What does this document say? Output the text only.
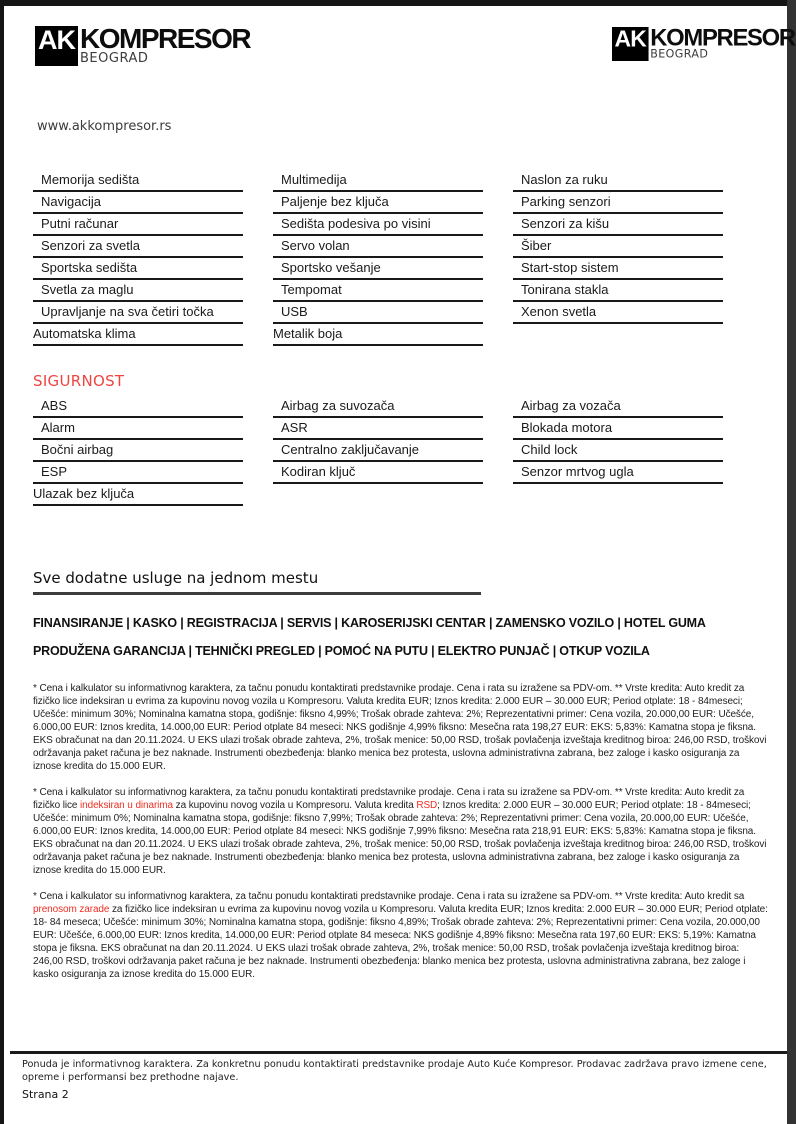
AK KOMPRESOR
BEOGRAD
AK KOMPRESOR
BEOGRAD
www.akkompresor.rs
Memorija sedišta
Navigacija
Putni računar
Senzori za svetla
Sportska sedišta
Svetla za maglu
Upravljanje na sva četiri točka
Automatska klima
Multimedija
Paljenje bez ključa
Sedišta podesiva po visini
Servo volan
Sportsko vešanje
Tempomat
USB
Metalik boja
Naslon za ruku
Parking senzori
Senzori za kišu
Šiber
Start-stop sistem
Tonirana stakla
Xenon svetla
SIGURNOST
ABS
Alarm
Bočni airbag
ESP
Ulazak bez ključa
Airbag za suvozača
ASR
Centralno zaključavanje
Kodiran ključ
Airbag za vozača
Blokada motora
Child lock
Senzor mrtvog ugla
Sve dodatne usluge na jednom mestu
FINANSIRANJE | KASKO | REGISTRACIJA | SERVIS | KAROSERIJSKI CENTAR | ZAMENSKO VOZILO | HOTEL GUMA
PRODUŽENA GARANCIJA | TEHNIČKI PREGLED | POMOĆ NA PUTU | ELEKTRO PUNJAČ | OTKUP VOZILA

* Cena i kalkulator su informativnog karaktera, za tačnu ponudu kontaktirati predstavnike prodaje. Cena i rata su izražene sa PDV-om. ** Vrste kredita: Auto kredit za fizičko lice indeksiran u evrima za kupovinu novog vozila u Kompresoru. Valuta kredita EUR; Iznos kredita: 2.000 EUR – 30.000 EUR; Period otplate: 18 - 84meseci; Učešće: minimum 30%; Nominalna kamatna stopa, godišnje: fiksno 4,99%; Trošak obrade zahteva: 2%; Reprezentativni primer: Cena vozila, 20.000,00 EUR: Učešće, 6.000,00 EUR: Iznos kredita, 14.000,00 EUR: Period otplate 84 meseci: NKS godišnje 4,99% fiksno: Mesečna rata 198,27 EUR: EKS: 5,83%: Kamatna stopa je fiksna. EKS obračunat na dan 20.11.2024. U EKS ulazi trošak obrade zahteva, 2%, trošak menice: 50,00 RSD, trošak povlačenja izveštaja kreditnog biroa: 246,00 RSD, troškovi održavanja paket računa je bez naknade. Instrumenti obezbeđenja: blanko menica bez protesta, uslovna administrativna zabrana, bez zaloge i kasko osiguranja za iznose kredita do 15.000 EUR.

* Cena i kalkulator su informativnog karaktera, za tačnu ponudu kontaktirati predstavnike prodaje. Cena i rata su izražene sa PDV-om. ** Vrste kredita: Auto kredit za fizičko lice indeksiran u dinarima za kupovinu novog vozila u Kompresoru. Valuta kredita RSD; Iznos kredita: 2.000 EUR – 30.000 EUR; Period otplate: 18 - 84meseci; Učešće: minimum 0%; Nominalna kamatna stopa, godišnje: fiksno 7,99%; Trošak obrade zahteva: 2%; Reprezentativni primer: Cena vozila, 20.000,00 EUR: Učešće, 6.000,00 EUR: Iznos kredita, 14.000,00 EUR: Period otplate 84 meseci: NKS godišnje 7,99% fiksno: Mesečna rata 218,91 EUR: EKS: 5,83%: Kamatna stopa je fiksna. EKS obračunat na dan 20.11.2024. U EKS ulazi trošak obrade zahteva, 2%, trošak menice: 50,00 RSD, trošak povlačenja izveštaja kreditnog biroa: 246,00 RSD, troškovi održavanja paket računa je bez naknade. Instrumenti obezbeđenja: blanko menica bez protesta, uslovna administrativna zabrana, bez zaloge i kasko osiguranja za iznose kredita do 15.000 EUR.

* Cena i kalkulator su informativnog karaktera, za tačnu ponudu kontaktirati predstavnike prodaje. Cena i rata su izražene sa PDV-om. ** Vrste kredita: Auto kredit sa prenosom zarade za fizičko lice indeksiran u evrima za kupovinu novog vozila u Kompresoru. Valuta kredita EUR; Iznos kredita: 2.000 EUR – 30.000 EUR; Period otplate: 18- 84 meseca; Učešće: minimum 30%; Nominalna kamatna stopa, godišnje: fiksno 4,89%; Trošak obrade zahteva: 2%; Reprezentativni primer: Cena vozila, 20.000,00 EUR: Učešće, 6.000,00 EUR: Iznos kredita, 14.000,00 EUR: Period otplate 84 meseca: NKS godišnje 4,89% fiksno: Mesečna rata 197,60 EUR: EKS: 5,19%: Kamatna stopa je fiksna. EKS obračunat na dan 20.11.2024. U EKS ulazi trošak obrade zahteva, 2%, trošak menice: 50,00 RSD, trošak povlačenja izveštaja kreditnog biroa: 246,00 RSD, troškovi održavanja paket računa je bez naknade. Instrumenti obezbeđenja: blanko menica bez protesta, uslovna administrativna zabrana, bez zaloge i kasko osiguranja za iznose kredita do 15.000 EUR.

Ponuda je informativnog karaktera. Za konkretnu ponudu kontaktirati predstavnike prodaje Auto Kuće Kompresor. Prodavac zadržava pravo izmene cene, opreme i performansi bez prethodne najave.
Strana 2
